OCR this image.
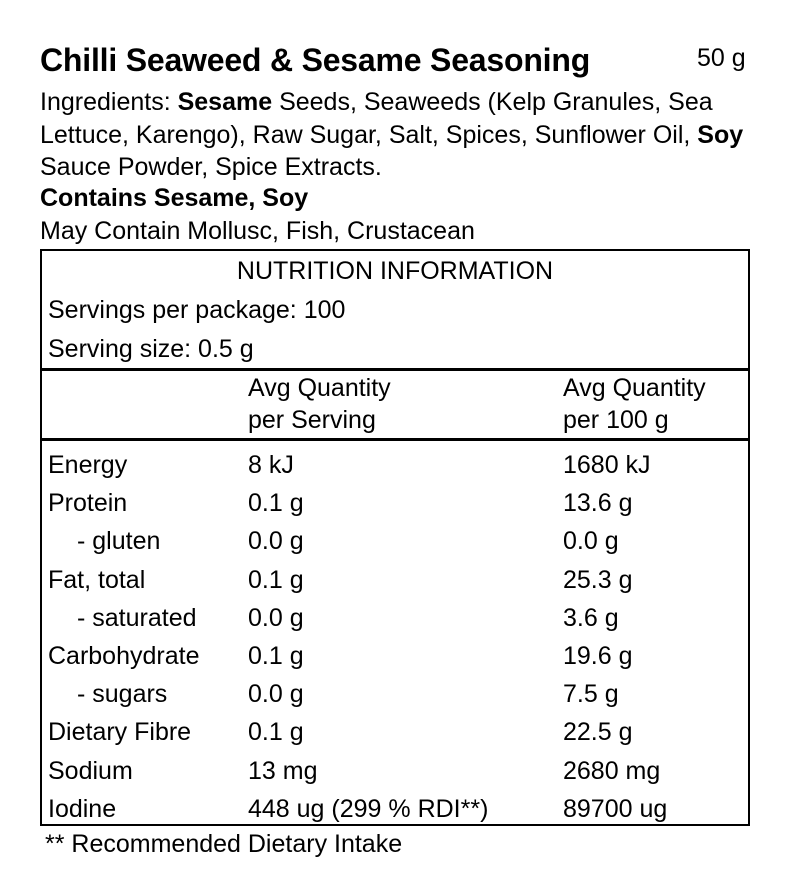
Chilli Seaweed & Sesame Seasoning	50 g
Ingredients: Sesame Seeds, Seaweeds (Kelp Granules, Sea Lettuce, Karengo), Raw Sugar, Salt, Spices, Sunflower Oil, Soy Sauce Powder, Spice Extracts.
Contains Sesame, Soy
May Contain Mollusc, Fish, Crustacean
NUTRITION INFORMATION
Servings per package: 100
Serving size: 0.5 g
Avg Quantity
per Serving
Avg Quantity
per 100 g
Energy	8 kJ	1680 kJ
Protein	0.1 g	13.6 g
- gluten	0.0 g	0.0 g
Fat, total	0.1 g	25.3 g
- saturated 0.0 g	3.6 g
Carbohydrate 0.1 g	19.6 g
- sugars	0.0 g	7.5 g
Dietary Fibre 0.1 g	22.5 g
Sodium	13 mg	2680 mg
Iodine	448 ug (299 % RDI**)	89700 ug
** Recommended Dietary Intake
